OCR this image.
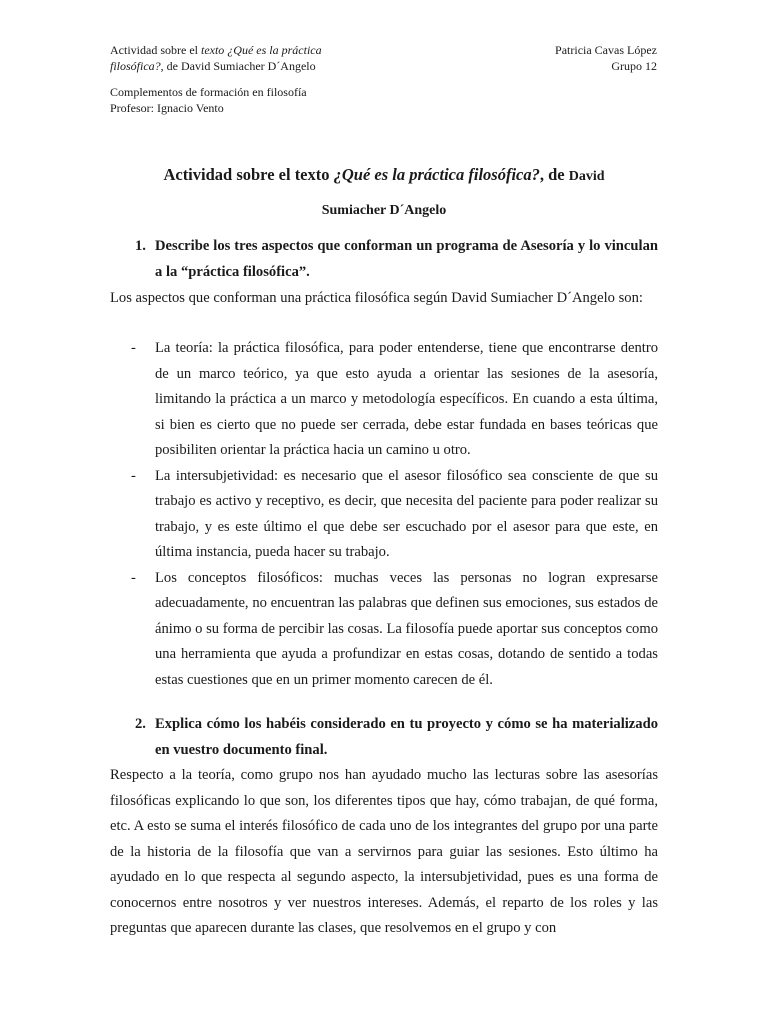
Actividad sobre el texto ¿Qué es la práctica
filosófica?, de David Sumiacher D´Angelo
Patricia Cavas López
Grupo 12
Complementos de formación en filosofía
Profesor: Ignacio Vento
Actividad sobre el texto ¿Qué es la práctica filosófica?, de David
Sumiacher D´Angelo
1. Describe los tres aspectos que conforman un programa de Asesoría y lo vinculan a la “práctica filosófica”.
Los aspectos que conforman una práctica filosófica según David Sumiacher D´Angelo son:
- La teoría: la práctica filosófica, para poder entenderse, tiene que encontrarse dentro de un marco teórico, ya que esto ayuda a orientar las sesiones de la asesoría, limitando la práctica a un marco y metodología específicos. En cuando a esta última, si bien es cierto que no puede ser cerrada, debe estar fundada en bases teóricas que posibiliten orientar la práctica hacia un camino u otro.
- La intersubjetividad: es necesario que el asesor filosófico sea consciente de que su trabajo es activo y receptivo, es decir, que necesita del paciente para poder realizar su trabajo, y es este último el que debe ser escuchado por el asesor para que este, en última instancia, pueda hacer su trabajo.
- Los conceptos filosóficos: muchas veces las personas no logran expresarse adecuadamente, no encuentran las palabras que definen sus emociones, sus estados de ánimo o su forma de percibir las cosas. La filosofía puede aportar sus conceptos como una herramienta que ayuda a profundizar en estas cosas, dotando de sentido a todas estas cuestiones que en un primer momento carecen de él.
2. Explica cómo los habéis considerado en tu proyecto y cómo se ha materializado en vuestro documento final.
Respecto a la teoría, como grupo nos han ayudado mucho las lecturas sobre las asesorías filosóficas explicando lo que son, los diferentes tipos que hay, cómo trabajan, de qué forma, etc. A esto se suma el interés filosófico de cada uno de los integrantes del grupo por una parte de la historia de la filosofía que van a servirnos para guiar las sesiones. Esto último ha ayudado en lo que respecta al segundo aspecto, la intersubjetividad, pues es una forma de conocernos entre nosotros y ver nuestros intereses. Además, el reparto de los roles y las preguntas que aparecen durante las clases, que resolvemos en el grupo y con
